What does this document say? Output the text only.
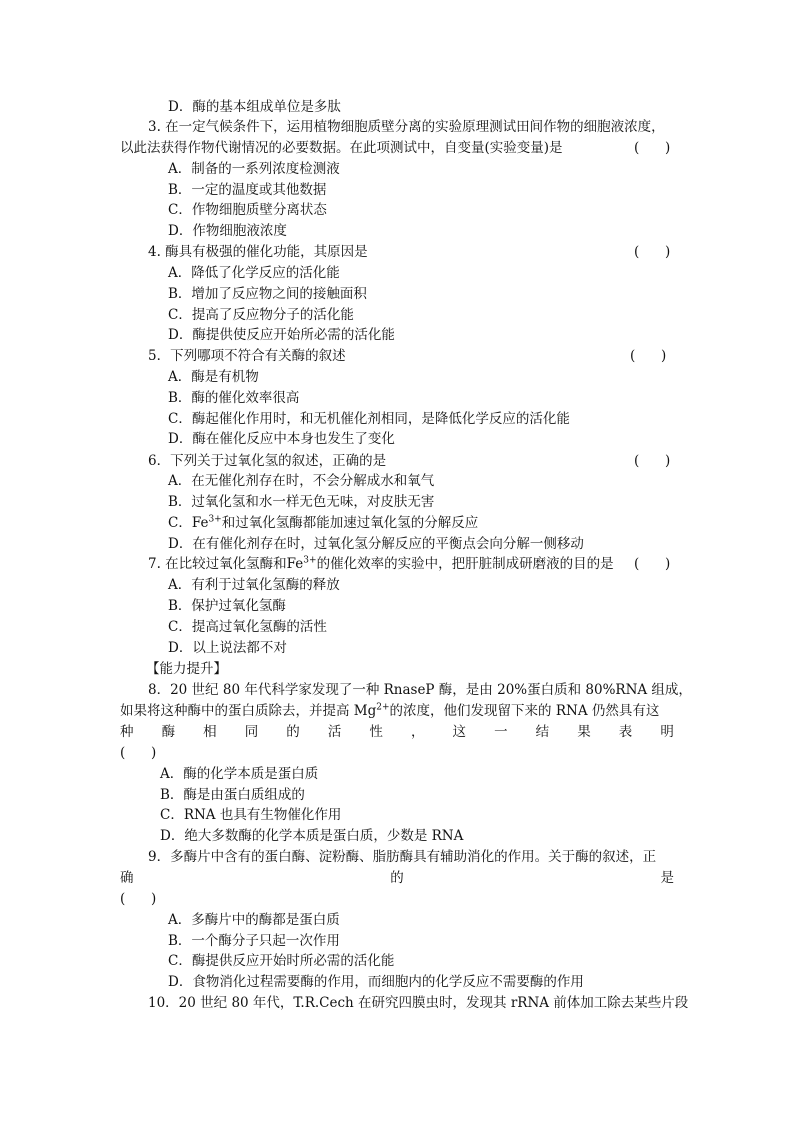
D．酶的基本组成单位是多肽
3. 在一定气候条件下，运用植物细胞质壁分离的实验原理测试田间作物的细胞液浓度，
以此法获得作物代谢情况的必要数据。在此项测试中，自变量(实验变量)是	(      )
A．制备的一系列浓度检测液
B．一定的温度或其他数据
C．作物细胞质壁分离状态
D．作物细胞液浓度
4. 酶具有极强的催化功能，其原因是	(      )
A．降低了化学反应的活化能
B．增加了反应物之间的接触面积
C．提高了反应物分子的活化能
D．酶提供使反应开始所必需的活化能
5．下列哪项不符合有关酶的叙述	(      )
A．酶是有机物
B．酶的催化效率很高
C．酶起催化作用时，和无机催化剂相同，是降低化学反应的活化能
D．酶在催化反应中本身也发生了变化
6．下列关于过氧化氢的叙述，正确的是	(      )
A．在无催化剂存在时，不会分解成水和氧气
B．过氧化氢和水一样无色无味，对皮肤无害
C．$Fe^{3+}$和过氧化氢酶都能加速过氧化氢的分解反应
D．在有催化剂存在时，过氧化氢分解反应的平衡点会向分解一侧移动
7. 在比较过氧化氢酶和$Fe^{3+}$的催化效率的实验中，把肝脏制成研磨液的目的是 (      )
A．有利于过氧化氢酶的释放
B．保护过氧化氢酶
C．提高过氧化氢酶的活性
D．以上说法都不对
【能力提升】
8．20 世纪 80 年代科学家发现了一种 RnaseP 酶，是由 20%蛋白质和 80%RNA 组成，
如果将这种酶中的蛋白质除去，并提高 $Mg^{2+}$的浓度，他们发现留下来的 RNA 仍然具有这
种 酶 相 同 的 活 性 ， 这 一 结 果 表 明
(      )
A．酶的化学本质是蛋白质
B．酶是由蛋白质组成的
C．RNA 也具有生物催化作用
D．绝大多数酶的化学本质是蛋白质，少数是 RNA
9．多酶片中含有的蛋白酶、淀粉酶、脂肪酶具有辅助消化的作用。关于酶的叙述，正
确	的	是
(      )
A．多酶片中的酶都是蛋白质
B．一个酶分子只起一次作用
C．酶提供反应开始时所必需的活化能
D．食物消化过程需要酶的作用，而细胞内的化学反应不需要酶的作用
10．20 世纪 80 年代，T.R.Cech 在研究四膜虫时，发现其 rRNA 前体加工除去某些片段
